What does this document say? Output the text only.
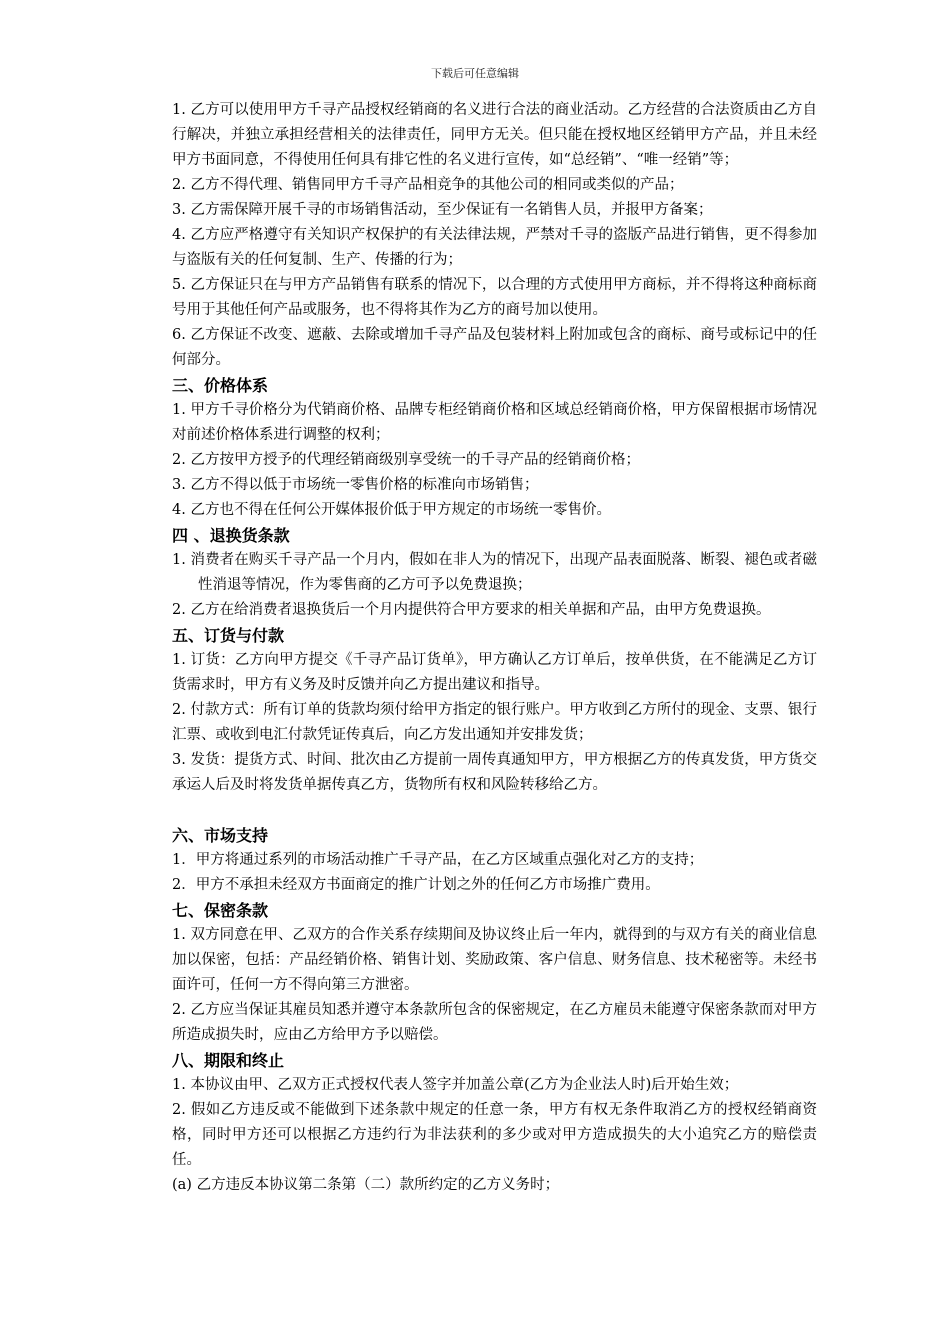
下载后可任意编辑

1. 乙方可以使用甲方千寻产品授权经销商的名义进行合法的商业活动。乙方经营的合法资质由乙方自行解决，并独立承担经营相关的法律责任，同甲方无关。但只能在授权地区经销甲方产品，并且未经甲方书面同意，不得使用任何具有排它性的名义进行宣传，如“总经销”、“唯一经销”等；

2. 乙方不得代理、销售同甲方千寻产品相竞争的其他公司的相同或类似的产品；

3. 乙方需保障开展千寻的市场销售活动，至少保证有一名销售人员，并报甲方备案；

4. 乙方应严格遵守有关知识产权保护的有关法律法规，严禁对千寻的盗版产品进行销售，更不得参加与盗版有关的任何复制、生产、传播的行为；

5. 乙方保证只在与甲方产品销售有联系的情况下，以合理的方式使用甲方商标，并不得将这种商标商号用于其他任何产品或服务，也不得将其作为乙方的商号加以使用。

6. 乙方保证不改变、遮蔽、去除或增加千寻产品及包装材料上附加或包含的商标、商号或标记中的任何部分。

三、价格体系

1. 甲方千寻价格分为代销商价格、品牌专柜经销商价格和区域总经销商价格，甲方保留根据市场情况对前述价格体系进行调整的权利；

2. 乙方按甲方授予的代理经销商级别享受统一的千寻产品的经销商价格；

3. 乙方不得以低于市场统一零售价格的标准向市场销售；

4. 乙方也不得在任何公开媒体报价低于甲方规定的市场统一零售价。

四 、退换货条款

1. 消费者在购买千寻产品一个月内，假如在非人为的情况下，出现产品表面脱落、断裂、褪色或者磁性消退等情况，作为零售商的乙方可予以免费退换；

2. 乙方在给消费者退换货后一个月内提供符合甲方要求的相关单据和产品，由甲方免费退换。

五、订货与付款

1. 订货：乙方向甲方提交《千寻产品订货单》，甲方确认乙方订单后，按单供货，在不能满足乙方订货需求时，甲方有义务及时反馈并向乙方提出建议和指导。

2. 付款方式：所有订单的货款均须付给甲方指定的银行账户。甲方收到乙方所付的现金、支票、银行汇票、或收到电汇付款凭证传真后，向乙方发出通知并安排发货；

3. 发货：提货方式、时间、批次由乙方提前一周传真通知甲方，甲方根据乙方的传真发货，甲方货交承运人后及时将发货单据传真乙方，货物所有权和风险转移给乙方。

六、市场支持

1．甲方将通过系列的市场活动推广千寻产品，在乙方区域重点强化对乙方的支持；

2．甲方不承担未经双方书面商定的推广计划之外的任何乙方市场推广费用。

七、保密条款

1. 双方同意在甲、乙双方的合作关系存续期间及协议终止后一年内，就得到的与双方有关的商业信息加以保密，包括：产品经销价格、销售计划、奖励政策、客户信息、财务信息、技术秘密等。未经书面许可，任何一方不得向第三方泄密。

2. 乙方应当保证其雇员知悉并遵守本条款所包含的保密规定，在乙方雇员未能遵守保密条款而对甲方所造成损失时，应由乙方给甲方予以赔偿。

八、期限和终止

1. 本协议由甲、乙双方正式授权代表人签字并加盖公章(乙方为企业法人时)后开始生效；

2. 假如乙方违反或不能做到下述条款中规定的任意一条，甲方有权无条件取消乙方的授权经销商资格，同时甲方还可以根据乙方违约行为非法获利的多少或对甲方造成损失的大小追究乙方的赔偿责任。

(a) 乙方违反本协议第二条第（二）款所约定的乙方义务时；
